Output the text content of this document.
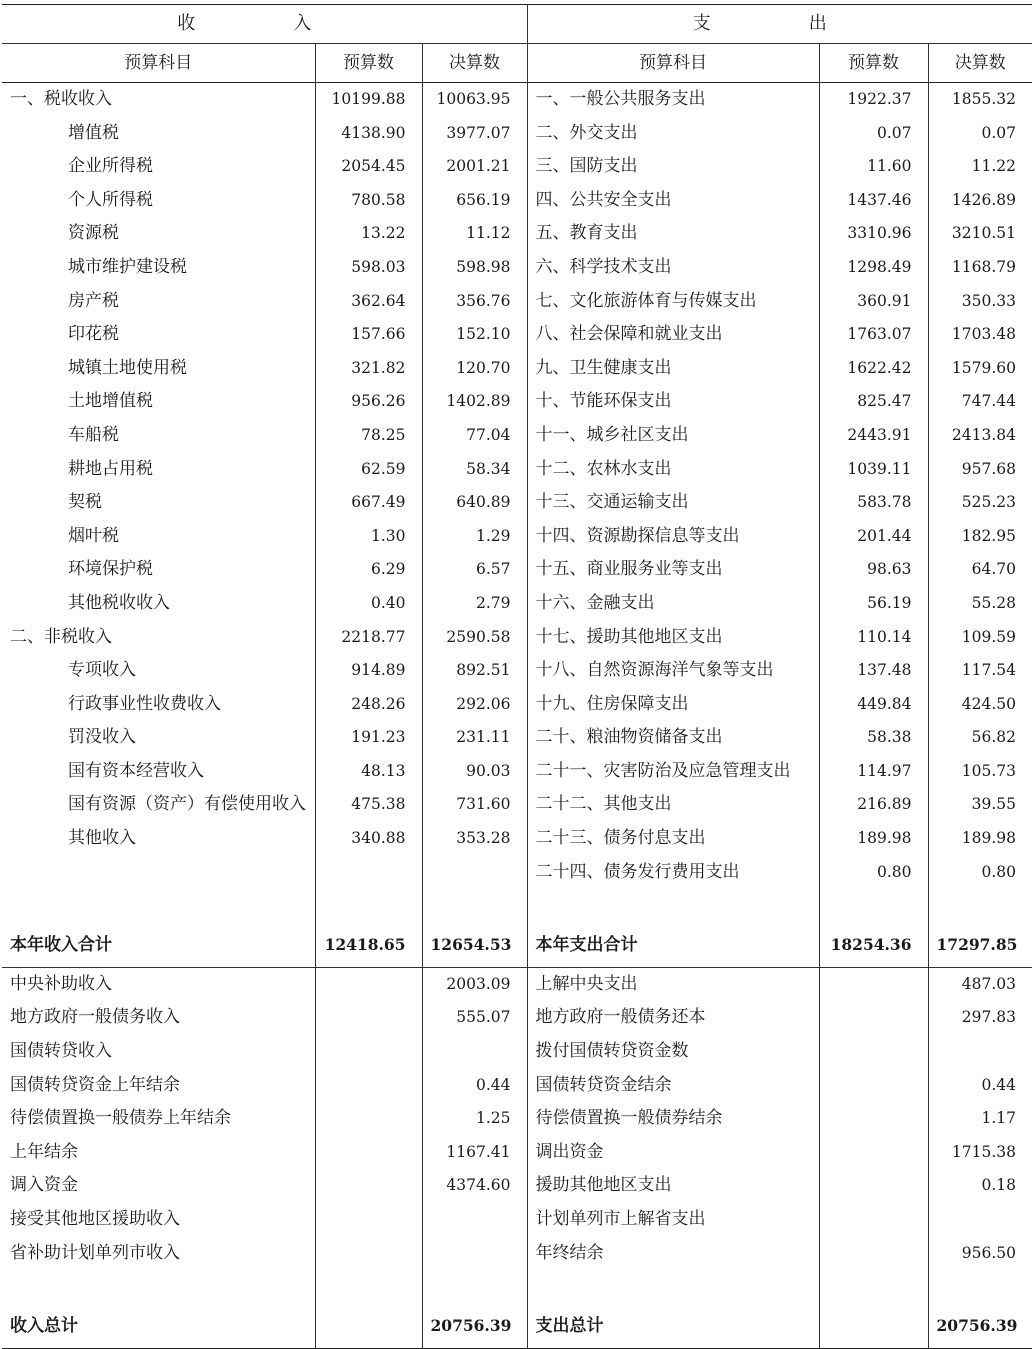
收　入			支　出		
预算科目	预算数	决算数	预算科目	预算数	决算数
一、税收收入	10199.88	10063.95	一、一般公共服务支出	1922.37	1855.32
增值税	4138.90	3977.07	二、外交支出	0.07	0.07
企业所得税	2054.45	2001.21	三、国防支出	11.60	11.22
个人所得税	780.58	656.19	四、公共安全支出	1437.46	1426.89
资源税	13.22	11.12	五、教育支出	3310.96	3210.51
城市维护建设税	598.03	598.98	六、科学技术支出	1298.49	1168.79
房产税	362.64	356.76	七、文化旅游体育与传媒支出	360.91	350.33
印花税	157.66	152.10	八、社会保障和就业支出	1763.07	1703.48
城镇土地使用税	321.82	120.70	九、卫生健康支出	1622.42	1579.60
土地增值税	956.26	1402.89	十、节能环保支出	825.47	747.44
车船税	78.25	77.04	十一、城乡社区支出	2443.91	2413.84
耕地占用税	62.59	58.34	十二、农林水支出	1039.11	957.68
契税	667.49	640.89	十三、交通运输支出	583.78	525.23
烟叶税	1.30	1.29	十四、资源勘探信息等支出	201.44	182.95
环境保护税	6.29	6.57	十五、商业服务业等支出	98.63	64.70
其他税收收入	0.40	2.79	十六、金融支出	56.19	55.28
二、非税收入	2218.77	2590.58	十七、援助其他地区支出	110.14	109.59
专项收入	914.89	892.51	十八、自然资源海洋气象等支出	137.48	117.54
行政事业性收费收入	248.26	292.06	十九、住房保障支出	449.84	424.50
罚没收入	191.23	231.11	二十、粮油物资储备支出	58.38	56.82
国有资本经营收入	48.13	90.03	二十一、灾害防治及应急管理支出	114.97	105.73
国有资源（资产）有偿使用收入	475.38	731.60	二十二、其他支出	216.89	39.55
其他收入	340.88	353.28	二十三、债务付息支出	189.98	189.98
			二十四、债务发行费用支出	0.80	0.80

本年收入合计	12418.65	12654.53	本年支出合计	18254.36	17297.85
中央补助收入		2003.09	上解中央支出		487.03
地方政府一般债务收入		555.07	地方政府一般债务还本		297.83
国债转贷收入			拨付国债转贷资金数		
国债转贷资金上年结余		0.44	国债转贷资金结余		0.44
待偿债置换一般债券上年结余		1.25	待偿债置换一般债券结余		1.17
上年结余		1167.41	调出资金		1715.38
调入资金		4374.60	援助其他地区支出		0.18
接受其他地区援助收入			计划单列市上解省支出		
省补助计划单列市收入			年终结余		956.50

收入总计		20756.39	支出总计		20756.39
